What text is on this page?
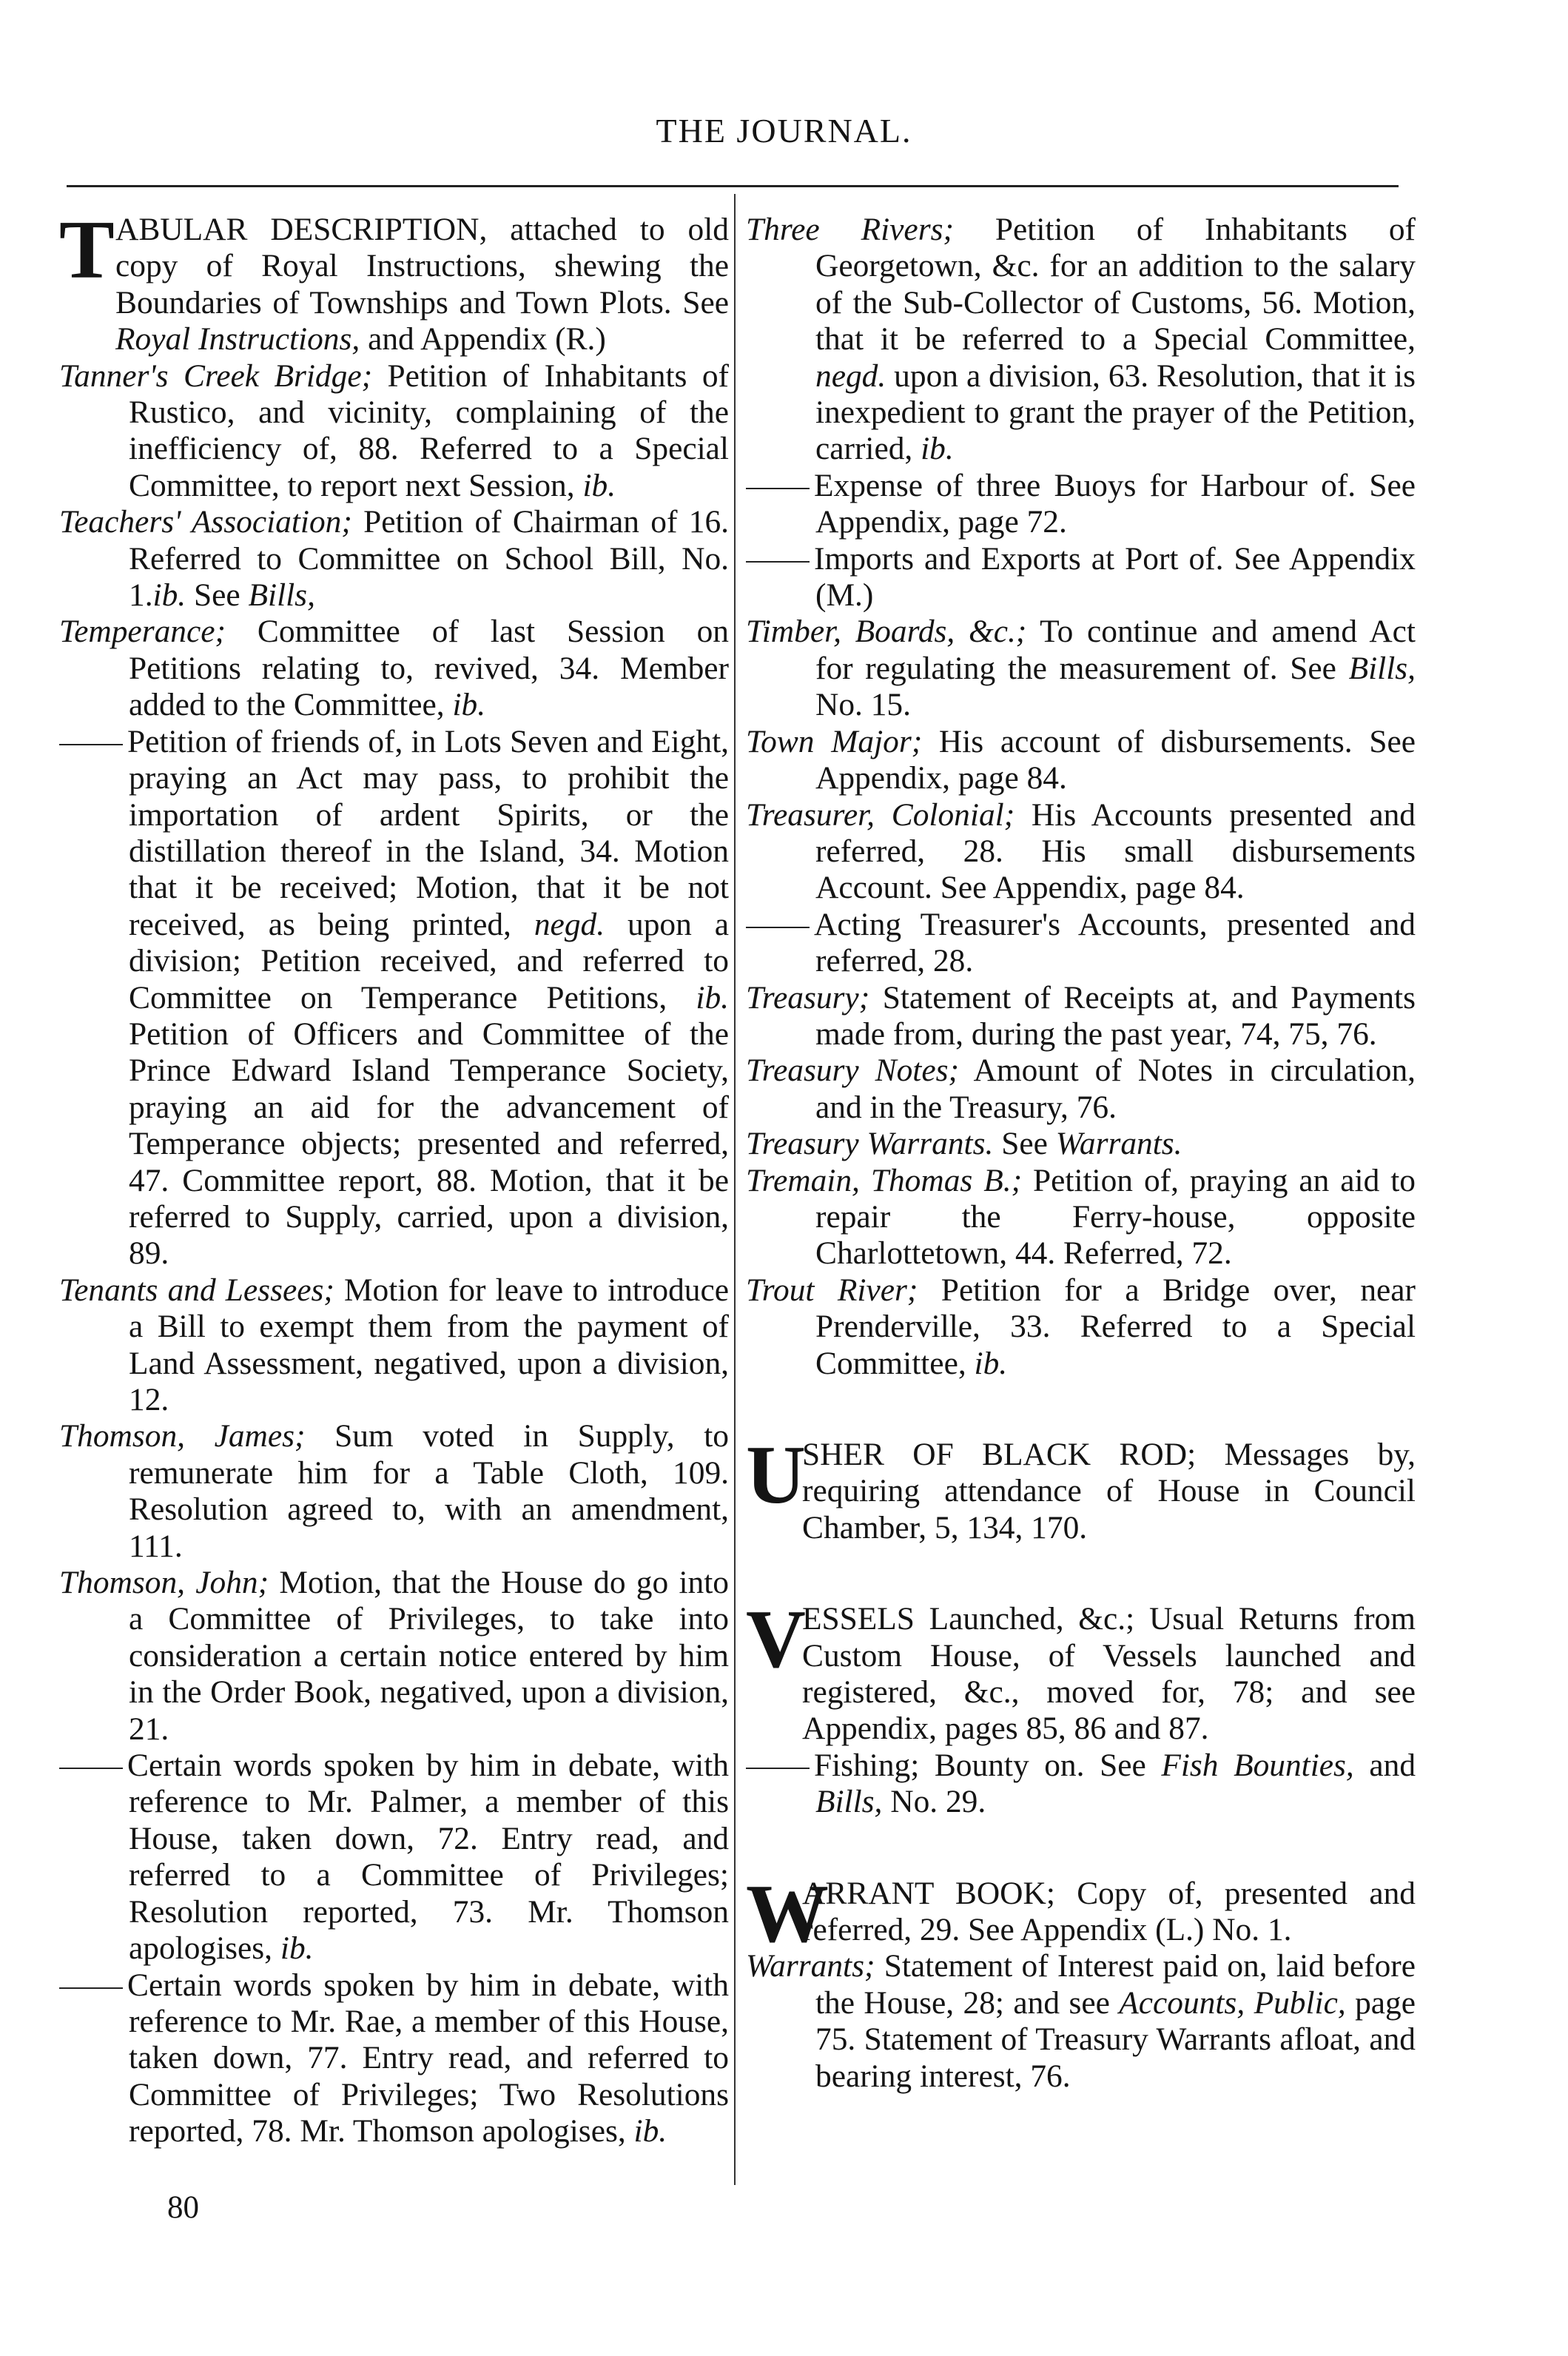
THE JOURNAL.

T ABULAR DESCRIPTION, attached to old copy of Royal Instructions, shewing the Boundaries of Townships and Town Plots. See Royal Instructions, and Appendix (R.)

Tanner's Creek Bridge; Petition of Inhabitants of Rustico, and vicinity, complaining of the inefficiency of, 88. Referred to a Special Committee, to report next Session, ib.

Teachers' Association; Petition of Chairman of 16. Referred to Committee on School Bill, No. 1.ib. See Bills,

Temperance; Committee of last Session on Petitions relating to, revived, 34. Member added to the Committee, ib.

Petition of friends of, in Lots Seven and Eight, praying an Act may pass, to prohibit the importation of ardent Spirits, or the distillation thereof in the Island, 34. Motion that it be received; Motion, that it be not received, as being printed, negd. upon a division; Petition received, and referred to Committee on Temperance Petitions, ib. Petition of Officers and Committee of the Prince Edward Island Temperance Society, praying an aid for the advancement of Temperance objects; presented and referred, 47. Committee report, 88. Motion, that it be referred to Supply, carried, upon a division, 89.

Tenants and Lessees; Motion for leave to introduce a Bill to exempt them from the payment of Land Assessment, negatived, upon a division, 12.

Thomson, James; Sum voted in Supply, to remunerate him for a Table Cloth, 109. Resolution agreed to, with an amendment, 111.

Thomson, John; Motion, that the House do go into a Committee of Privileges, to take into consideration a certain notice entered by him in the Order Book, negatived, upon a division, 21.

Certain words spoken by him in debate, with reference to Mr. Palmer, a member of this House, taken down, 72. Entry read, and referred to a Committee of Privileges; Resolution reported, 73. Mr. Thomson apologises, ib.

Certain words spoken by him in debate, with reference to Mr. Rae, a member of this House, taken down, 77. Entry read, and referred to Committee of Privileges; Two Resolutions reported, 78. Mr. Thomson apologises, ib.

Three Rivers; Petition of Inhabitants of Georgetown, &c. for an addition to the salary of the Sub-Collector of Customs, 56. Motion, that it be referred to a Special Committee, negd. upon a division, 63. Resolution, that it is inexpedient to grant the prayer of the Petition, carried, ib.

Expense of three Buoys for Harbour of. See Appendix, page 72.

Imports and Exports at Port of. See Appendix (M.)

Timber, Boards, &c.; To continue and amend Act for regulating the measurement of. See Bills, No. 15.

Town Major; His account of disbursements. See Appendix, page 84.

Treasurer, Colonial; His Accounts presented and referred, 28. His small disbursements Account. See Appendix, page 84.

Acting Treasurer's Accounts, presented and referred, 28.

Treasury; Statement of Receipts at, and Payments made from, during the past year, 74, 75, 76.

Treasury Notes; Amount of Notes in circulation, and in the Treasury, 76.

Treasury Warrants. See Warrants.

Tremain, Thomas B.; Petition of, praying an aid to repair the Ferry-house, opposite Charlottetown, 44. Referred, 72.

Trout River; Petition for a Bridge over, near Prenderville, 33. Referred to a Special Committee, ib.

U
SHER OF BLACK ROD; Messages by, requiring attendance of House in Council Chamber, 5, 134, 170.

V
ESSELS Launched, &c.; Usual Returns from Custom House, of Vessels launched and registered, &c., moved for, 78; and see Appendix, pages 85, 86 and 87.

Fishing; Bounty on. See Fish Bounties, and Bills, No. 29.

W
ARRANT BOOK; Copy of, presented and referred, 29. See Appendix (L.) No. 1.

Warrants; Statement of Interest paid on, laid before the House, 28; and see Accounts, Public, page 75. Statement of Treasury Warrants afloat, and bearing interest, 76.

80
